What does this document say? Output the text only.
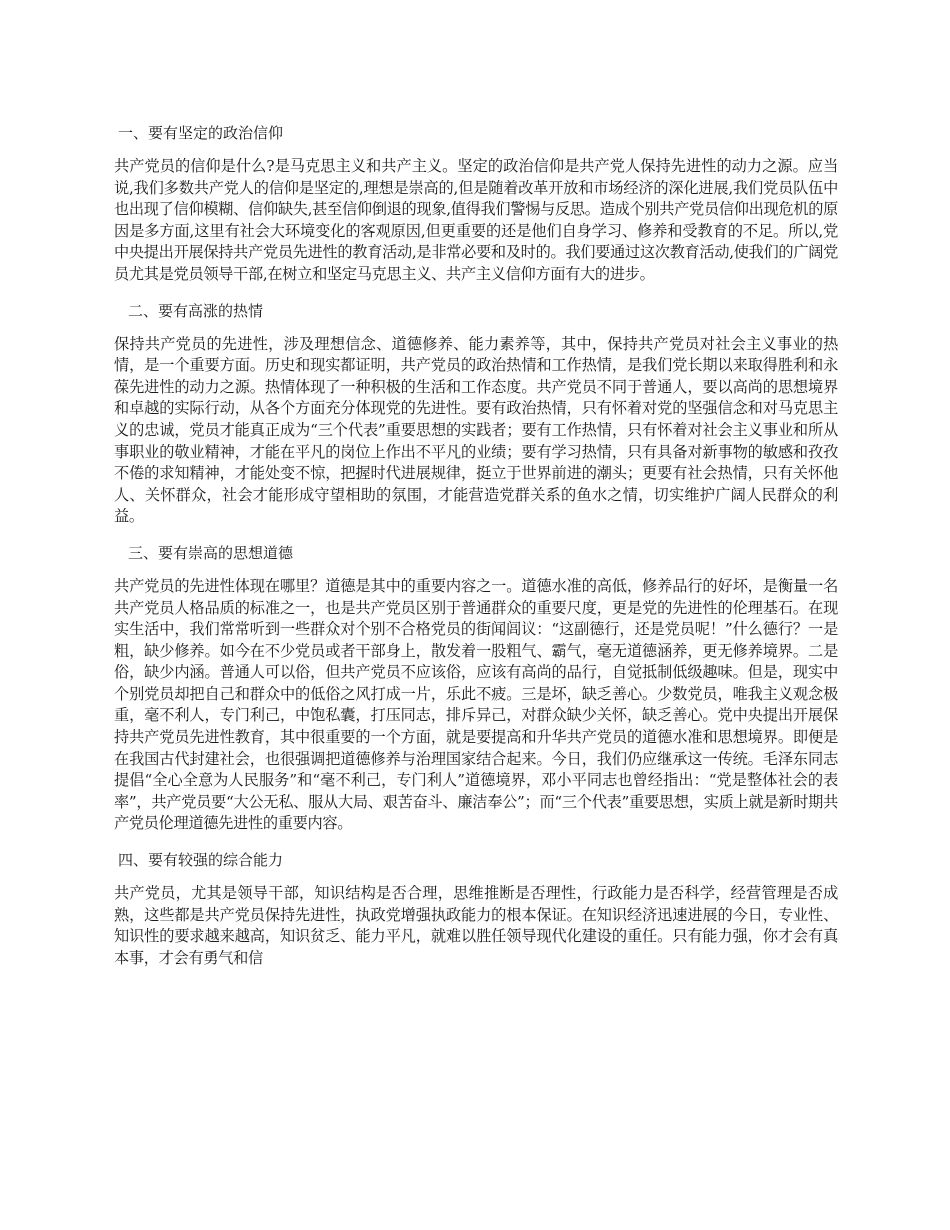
一、要有坚定的政治信仰

共产党员的信仰是什么?是马克思主义和共产主义。坚定的政治信仰是共产党人保持先进性的动力之源。应当说,我们多数共产党人的信仰是坚定的,理想是崇高的,但是随着改革开放和市场经济的深化进展,我们党员队伍中也出现了信仰模糊、信仰缺失,甚至信仰倒退的现象,值得我们警惕与反思。造成个别共产党员信仰出现危机的原因是多方面,这里有社会大环境变化的客观原因,但更重要的还是他们自身学习、修养和受教育的不足。所以,党中央提出开展保持共产党员先进性的教育活动,是非常必要和及时的。我们要通过这次教育活动,使我们的广阔党员尤其是党员领导干部,在树立和坚定马克思主义、共产主义信仰方面有大的进步。

二、要有高涨的热情

保持共产党员的先进性，涉及理想信念、道德修养、能力素养等，其中，保持共产党员对社会主义事业的热情，是一个重要方面。历史和现实都证明，共产党员的政治热情和工作热情，是我们党长期以来取得胜利和永葆先进性的动力之源。热情体现了一种积极的生活和工作态度。共产党员不同于普通人，要以高尚的思想境界和卓越的实际行动，从各个方面充分体现党的先进性。要有政治热情，只有怀着对党的坚强信念和对马克思主义的忠诚，党员才能真正成为“三个代表”重要思想的实践者；要有工作热情，只有怀着对社会主义事业和所从事职业的敬业精神，才能在平凡的岗位上作出不平凡的业绩；要有学习热情，只有具备对新事物的敏感和孜孜不倦的求知精神，才能处变不惊，把握时代进展规律，挺立于世界前进的潮头；更要有社会热情，只有关怀他人、关怀群众，社会才能形成守望相助的氛围，才能营造党群关系的鱼水之情，切实维护广阔人民群众的利益。

三、要有崇高的思想道德

共产党员的先进性体现在哪里？道德是其中的重要内容之一。道德水准的高低，修养品行的好坏，是衡量一名共产党员人格品质的标准之一，也是共产党员区别于普通群众的重要尺度，更是党的先进性的伦理基石。在现实生活中，我们常常听到一些群众对个别不合格党员的街闻闾议：“这副德行，还是党员呢！”什么德行？一是粗，缺少修养。如今在不少党员或者干部身上，散发着一股粗气、霸气，毫无道德涵养，更无修养境界。二是俗，缺少内涵。普通人可以俗，但共产党员不应该俗，应该有高尚的品行，自觉抵制低级趣味。但是，现实中个别党员却把自己和群众中的低俗之风打成一片，乐此不疲。三是坏，缺乏善心。少数党员，唯我主义观念极重，毫不利人，专门利己，中饱私囊，打压同志，排斥异己，对群众缺少关怀，缺乏善心。党中央提出开展保持共产党员先进性教育，其中很重要的一个方面，就是要提高和升华共产党员的道德水准和思想境界。即便是在我国古代封建社会，也很强调把道德修养与治理国家结合起来。今日，我们仍应继承这一传统。毛泽东同志提倡“全心全意为人民服务”和“毫不利己，专门利人”道德境界，邓小平同志也曾经指出：“党是整体社会的表率”，共产党员要“大公无私、服从大局、艰苦奋斗、廉洁奉公”；而“三个代表”重要思想，实质上就是新时期共产党员伦理道德先进性的重要内容。

四、要有较强的综合能力

共产党员，尤其是领导干部，知识结构是否合理，思维推断是否理性，行政能力是否科学，经营管理是否成熟，这些都是共产党员保持先进性，执政党增强执政能力的根本保证。在知识经济迅速进展的今日，专业性、知识性的要求越来越高，知识贫乏、能力平凡，就难以胜任领导现代化建设的重任。只有能力强，你才会有真本事，才会有勇气和信
